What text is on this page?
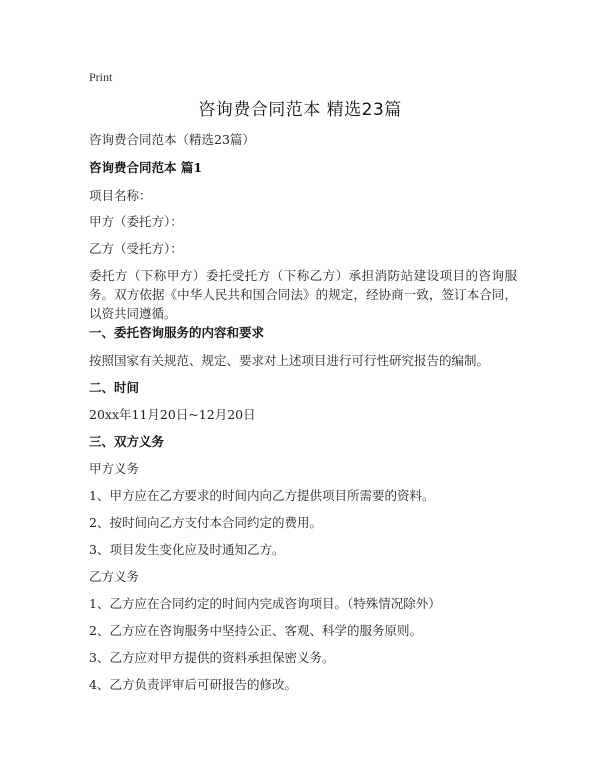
Print
咨询费合同范本 精选23篇
咨询费合同范本（精选23篇）
咨询费合同范本 篇1
项目名称：
甲方（委托方）：
乙方（受托方）：
委托方（下称甲方）委托受托方（下称乙方）承担消防站建设项目的咨询服务。双方依据《中华人民共和国合同法》的规定，经协商一致，签订本合同，以资共同遵循。
一、委托咨询服务的内容和要求
按照国家有关规范、规定、要求对上述项目进行可行性研究报告的编制。
二、时间
20xx年11月20日~12月20日
三、双方义务
甲方义务
1、甲方应在乙方要求的时间内向乙方提供项目所需要的资料。
2、按时间向乙方支付本合同约定的费用。
3、项目发生变化应及时通知乙方。
乙方义务
1、乙方应在合同约定的时间内完成咨询项目。（特殊情况除外）
2、乙方应在咨询服务中坚持公正、客观、科学的服务原则。
3、乙方应对甲方提供的资料承担保密义务。
4、乙方负责评审后可研报告的修改。
